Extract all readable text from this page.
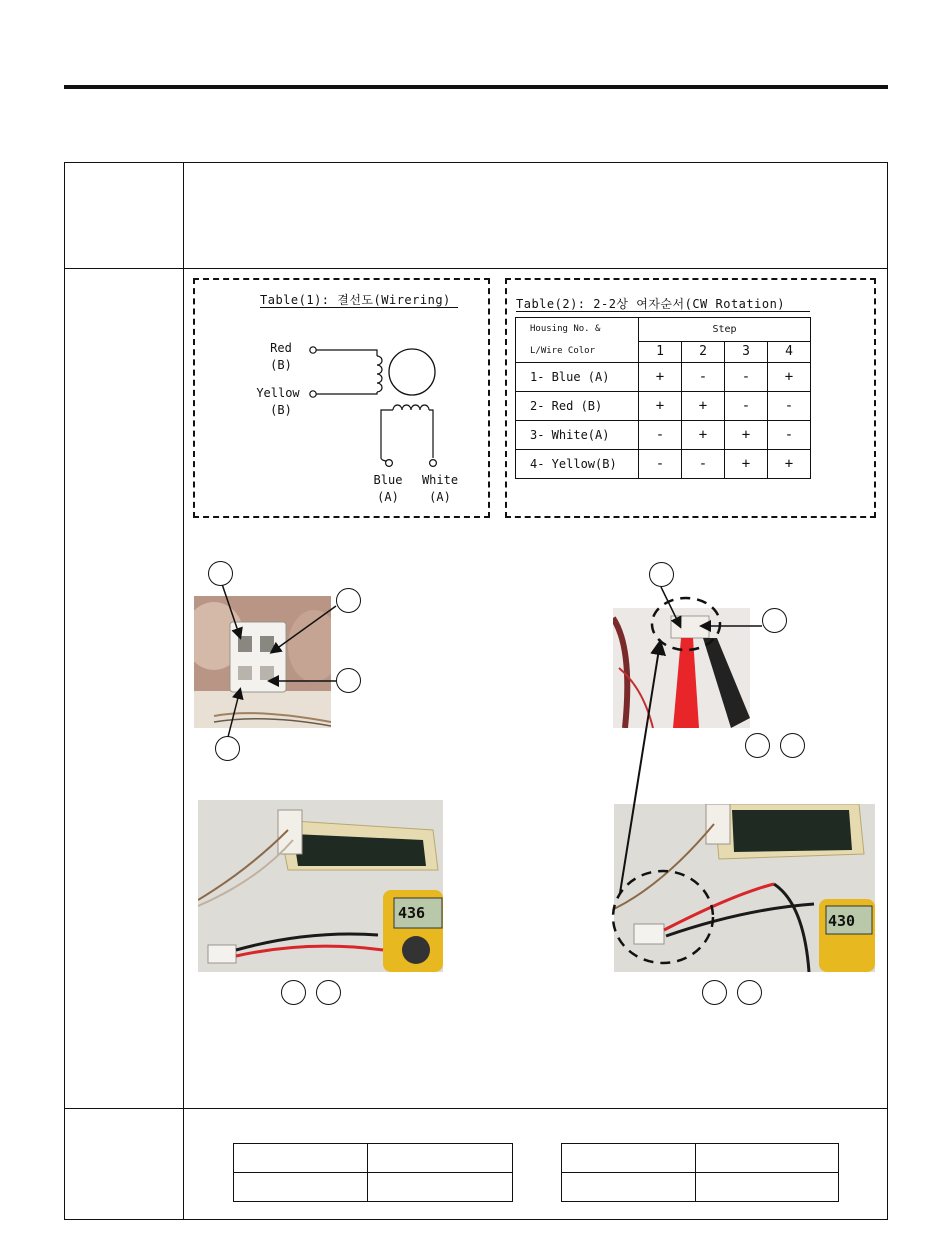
Table(1): 결선도(Wirering)
Red
(B)
Yellow
(B)
Blue
(A)
White
(A)
Table(2): 2-2상 여자순서(CW Rotation)
Housing No. &
L/Wire Color	Step			
	1	2	3	4
1- Blue (A)	+	-	-	+
2- Red (B)	+	+	-	-
3- White(A)	-	+	+	-
4- Yellow(B)	-	-	+	+
436	430
